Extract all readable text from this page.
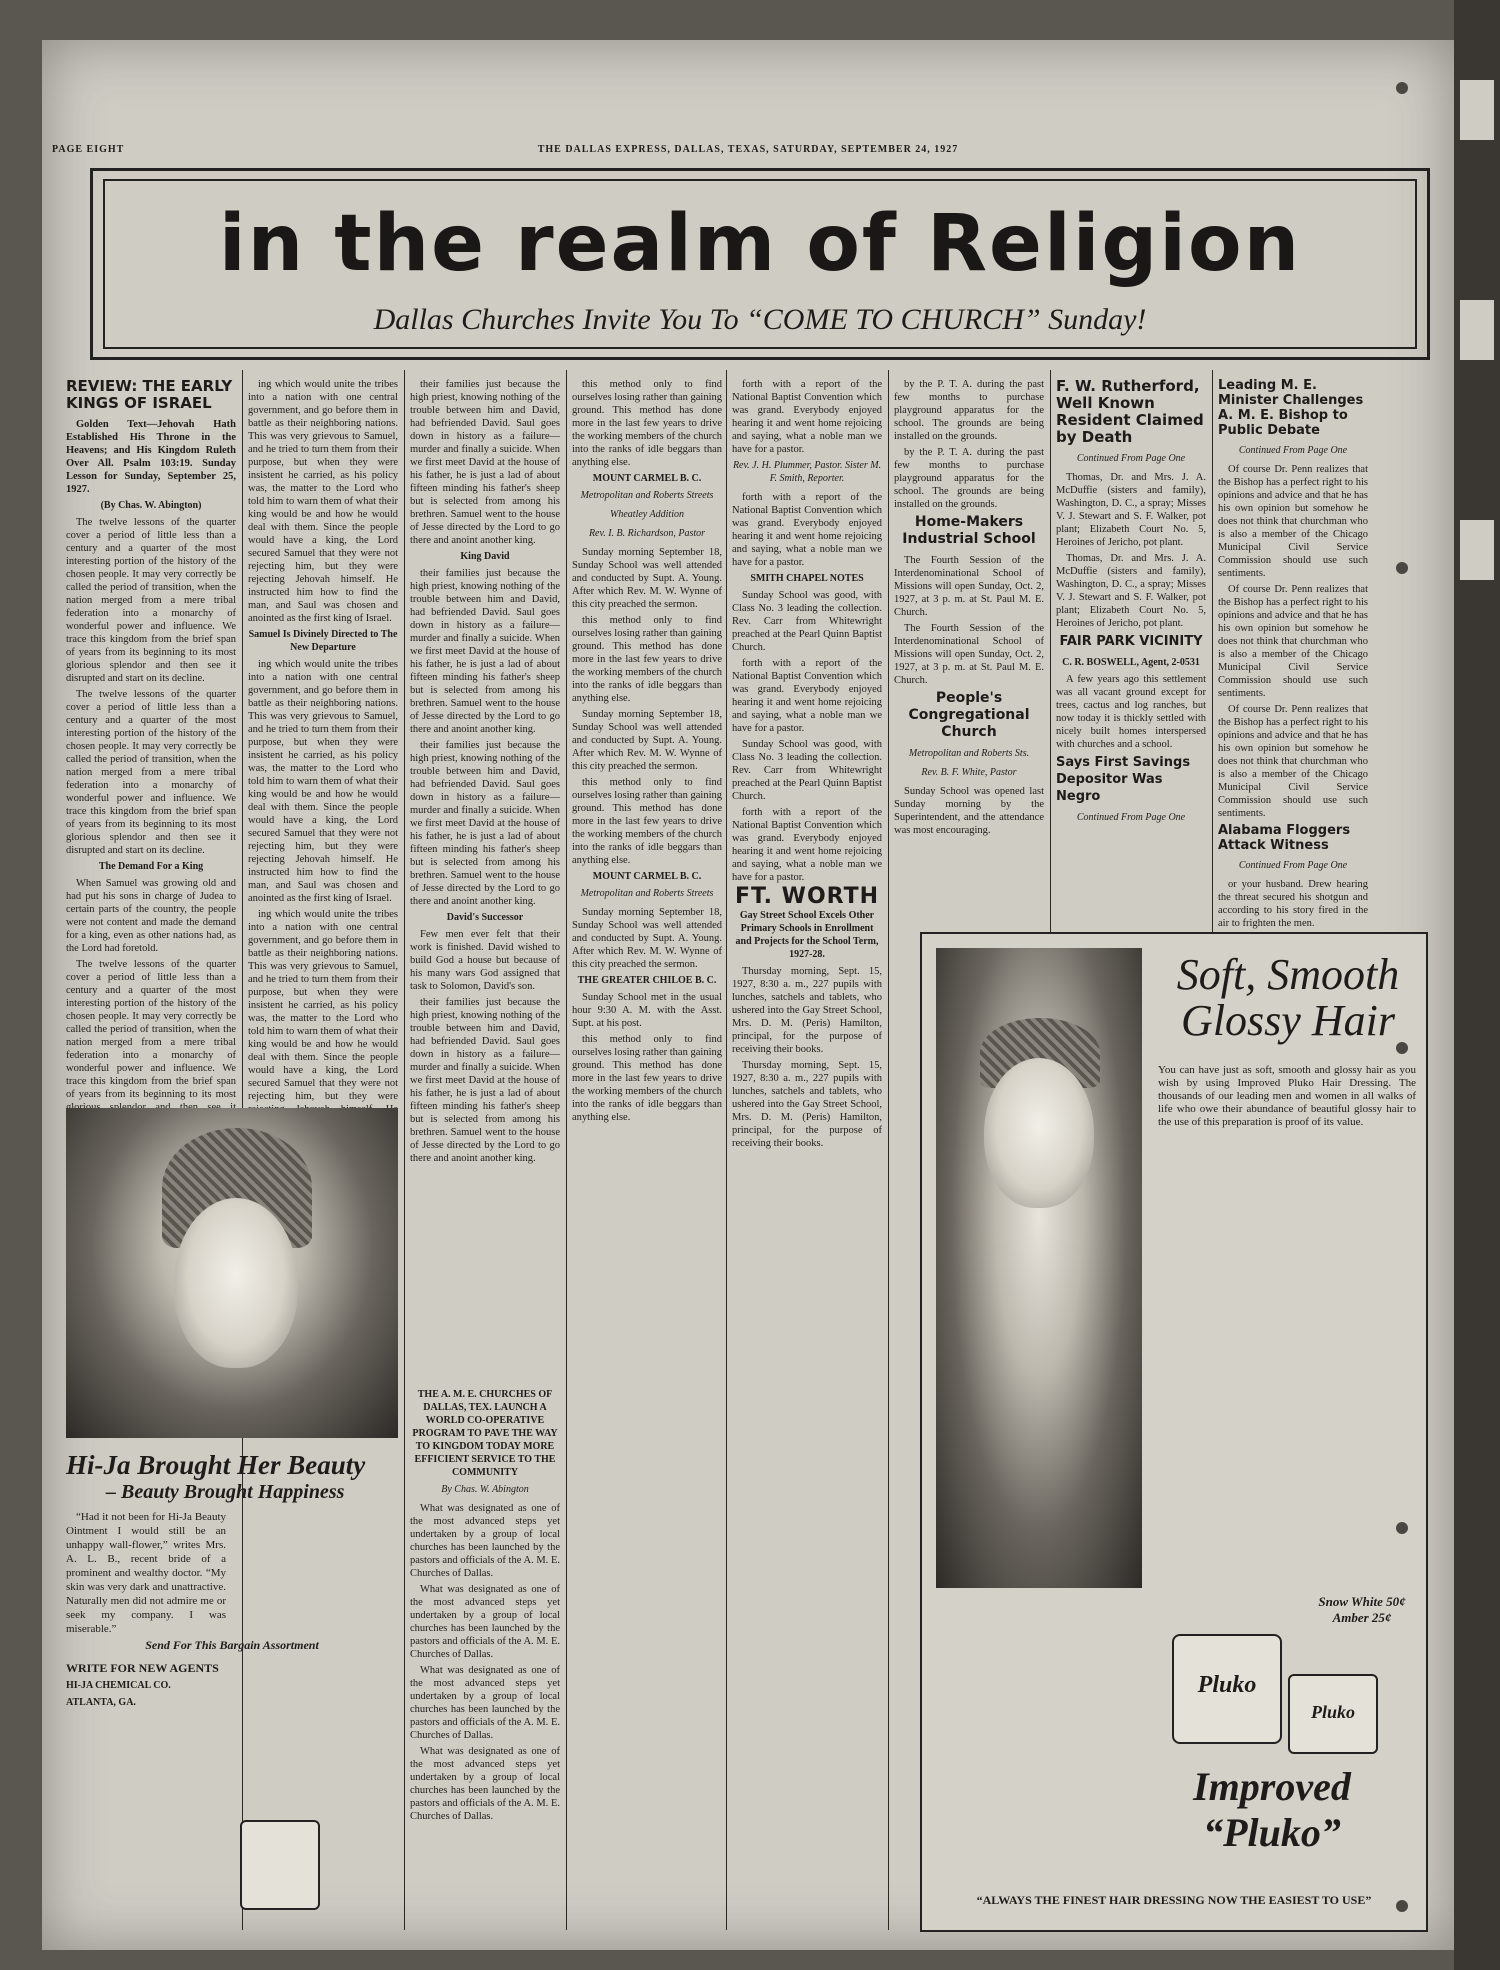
PAGE EIGHT	THE DALLAS EXPRESS, DALLAS, TEXAS, SATURDAY, SEPTEMBER 24, 1927
in the realm of Religion
Dallas Churches Invite You To “COME TO CHURCH” Sunday!
REVIEW: THE EARLY KINGS OF ISRAEL

Golden Text—Jehovah Hath Established His Throne in the Heavens; and His Kingdom Ruleth Over All. Psalm 103:19. Sunday Lesson for Sunday, September 25, 1927.

(By Chas. W. Abington)

The twelve lessons of the quarter cover a period of little less than a century and a quarter of the most interesting portion of the history of the chosen people. It may very correctly be called the period of transition, when the nation merged from a mere tribal federation into a monarchy of wonderful power and influence. We trace this kingdom from the brief span of years from its beginning to its most glorious splendor and then see it disrupted and start on its decline.

The twelve lessons of the quarter cover a period of little less than a century and a quarter of the most interesting portion of the history of the chosen people. It may very correctly be called the period of transition, when the nation merged from a mere tribal federation into a monarchy of wonderful power and influence. We trace this kingdom from the brief span of years from its beginning to its most glorious splendor and then see it disrupted and start on its decline.

The Demand For a King

When Samuel was growing old and had put his sons in charge of Judea to certain parts of the country, the people were not content and made the demand for a king, even as other nations had, as the Lord had foretold.

The twelve lessons of the quarter cover a period of little less than a century and a quarter of the most interesting portion of the history of the chosen people. It may very correctly be called the period of transition, when the nation merged from a mere tribal federation into a monarchy of wonderful power and influence. We trace this kingdom from the brief span of years from its beginning to its most

ing which would unite the tribes into a nation with one central government, and go before them in battle as their neighboring nations. This was very grievous to Samuel, and he tried to turn them from their purpose, but when they were insistent he carried, as his policy was, the matter to the Lord who told him to warn them of what their king would be and how he would deal with them. Since the people would have a king, the Lord secured Samuel that they were not rejecting him, but they were rejecting Jehovah himself. He instructed him how to find the man, and Saul was chosen and anointed as the first king of Israel.

Samuel Is Divinely Directed to The New Departure

ing which would unite the tribes into a nation with one central government, and go before them in battle as their neighboring nations. This was very grievous to Samuel, and he tried to turn them from their purpose, but when they were insistent he carried, as his policy was, the matter to the Lord who told him to warn them of what their king would be and how he would deal with them. Since the people would have a king, the Lord secured Samuel that they were not rejecting him, but they were rejecting Jehovah himself. He instructed him how to find the man, and Saul was chosen and anointed as the first king of Israel.

ing which would unite the tribes into a nation with one central government, and go before them in battle as their neighboring nations. This was very grievous to Samuel, and he tried to turn them from their purpose, but when they were insistent he carried, as his policy was, the matter to the Lord who told him to warn them of what their king would be and how he would deal with them. Since the people would have a king, the Lord secured Samuel that they were not rejecting him, but they were

their families just because the high priest, knowing nothing of the trouble between him and David, had befriended David. Saul goes down in history as a failure—murder and finally a suicide. When we first meet David at the house of his father, he is just a lad of about fifteen minding his father's sheep but is selected from among his brethren. Samuel went to the house of Jesse directed by the Lord to go there and anoint another king.

King David

their families just because the high priest, knowing nothing of the trouble between him and David, had befriended David. Saul goes down in history as a failure—murder and finally a suicide. When we first meet David at the house of his father, he is just a lad of about fifteen minding his father's sheep but is selected from among his brethren. Samuel went to the house of Jesse directed by the Lord to go there and anoint another king.

their families just because the high priest, knowing nothing of the trouble between him and David, had befriended David. Saul goes down in history as a failure—murder and finally a suicide. When we first meet David at the house of his father, he is just a lad of about fifteen minding his father's sheep but is selected from among his brethren. Samuel went to the house of Jesse directed by the Lord to go there and anoint another king.

David's Successor

Few men ever felt that their work is finished. David wished to build God a house but because of his many wars God assigned that task to Solomon, David's son.

their families just because the high priest, knowing nothing of the trouble between him and David, had befriended David. Saul goes down in history as a failure—murder and finally a suicide. When we first meet David at the house of his father, he is just a lad of about fifteen minding his father's sheep but is selected from among his brethren. Samuel went to the house of Jesse directed by the Lord to go there and anoint another king.

Hi-Ja Brought Her Beauty
– Beauty Brought Happiness

“Had it not been for Hi-Ja Beauty Ointment I would still be an unhappy wall-flower,” writes Mrs. A. L. B., recent bride of a prominent and wealthy doctor. “My skin was very dark and unattractive. Naturally men did not admire me or seek my company. I was miserable.”

Send For This Bargain Assortment
WRITE FOR NEW AGENTS
HI-JA CHEMICAL CO.
ATLANTA, GA.
THE A. M. E. CHURCHES OF DALLAS, TEX. LAUNCH A WORLD CO-OPERATIVE PROGRAM TO PAVE THE WAY TO KINGDOM TODAY MORE EFFICIENT SERVICE TO THE COMMUNITY
By Chas. W. Abington

What was designated as one of the most advanced steps yet undertaken by a group of local churches has been launched by the pastors and officials of the A. M. E. Churches of Dallas.

What was designated as one of the most advanced steps yet undertaken by a group of local churches has been launched by the pastors and officials of the A. M. E. Churches of Dallas.

What was designated as one of the most advanced steps yet undertaken by a group of local churches has been launched by the pastors and officials of the A. M. E. Churches of Dallas.

What was designated as one of the most advanced steps yet undertaken by a group of local churches has been launched by the pastors and officials of the A. M. E. Churches of Dallas.

this method only to find ourselves losing rather than gaining ground. This method has done more in the last few years to drive the working members of the church into the ranks of idle beggars than anything else.

MOUNT CARMEL B. C.
Metropolitan and Roberts Streets
Wheatley Addition
Rev. I. B. Richardson, Pastor

Sunday morning September 18, Sunday School was well attended and conducted by Supt. A. Young. After which Rev. M. W. Wynne of this city preached the sermon.

this method only to find ourselves losing rather than gaining ground. This method has done more in the last few years to drive the working members of the church into the ranks of idle beggars than anything else.

Sunday morning September 18, Sunday School was well attended and conducted by Supt. A. Young. After which Rev. M. W. Wynne of this city preached the sermon.

this method only to find ourselves losing rather than gaining ground. This method has done more in the last few years to drive the working members of the church into the ranks of idle beggars than anything else.

MOUNT CARMEL B. C.
Metropolitan and Roberts Streets

Sunday morning September 18, Sunday School was well attended and conducted by Supt. A. Young. After which Rev. M. W. Wynne of this city preached the sermon.

THE GREATER CHILOE B. C.

Sunday School met in the usual hour 9:30 A. M. with the Asst. Supt. at his post.

this method only to find ourselves losing rather than gaining ground. This method has done more in the last few years to drive the working members of the church into the ranks of idle beggars than anything else.

forth with a report of the National Baptist Convention which was grand. Everybody enjoyed hearing it and went home rejoicing and saying, what a noble man we have for a pastor.

Rev. J. H. Plummer, Pastor. Sister M. F. Smith, Reporter.

forth with a report of the National Baptist Convention which was grand. Everybody enjoyed hearing it and went home rejoicing and saying, what a noble man we have for a pastor.

SMITH CHAPEL NOTES

Sunday School was good, with Class No. 3 leading the collection. Rev. Carr from Whitewright preached at the Pearl Quinn Baptist Church.

forth with a report of the National Baptist Convention which was grand. Everybody enjoyed hearing it and went home rejoicing and saying, what a noble man we have for a pastor.

Sunday School was good, with Class No. 3 leading the collection. Rev. Carr from Whitewright preached at the Pearl Quinn Baptist Church.

forth with a report of the National Baptist Convention which was grand. Everybody enjoyed hearing it and went home rejoicing and saying, what a noble man we have for a pastor.

FT. WORTH
Gay Street School Excels Other Primary Schools in Enrollment and Projects for the School Term, 1927-28.

Thursday morning, Sept. 15, 1927, 8:30 a. m., 227 pupils with lunches, satchels and tablets, who ushered into the Gay Street School, Mrs. D. M. (Peris) Hamilton, principal, for the purpose of receiving their books.

Thursday morning, Sept. 15, 1927, 8:30 a. m., 227 pupils with lunches, satchels and tablets, who ushered into the Gay Street School, Mrs. D. M. (Peris) Hamilton, principal, for the purpose of receiving their books.

by the P. T. A. during the past few months to purchase playground apparatus for the school. The grounds are being installed on the grounds.

by the P. T. A. during the past few months to purchase playground apparatus for the school. The grounds are being installed on the grounds.

Home-Makers Industrial School

The Fourth Session of the Interdenominational School of Missions will open Sunday, Oct. 2, 1927, at 3 p. m. at St. Paul M. E. Church.

The Fourth Session of the Interdenominational School of Missions will open Sunday, Oct. 2, 1927, at 3 p. m. at St. Paul M. E. Church.

People's Congregational Church
Metropolitan and Roberts Sts.
Rev. B. F. White, Pastor

Sunday School was opened last Sunday morning by the Superintendent, and the attendance was most encouraging.

F. W. Rutherford, Well Known Resident Claimed by Death
Continued From Page One

Thomas, Dr. and Mrs. J. A. McDuffie (sisters and family), Washington, D. C., a spray; Misses V. J. Stewart and S. F. Walker, pot plant; Elizabeth Court No. 5, Heroines of Jericho, pot plant.

Thomas, Dr. and Mrs. J. A. McDuffie (sisters and family), Washington, D. C., a spray; Misses V. J. Stewart and S. F. Walker, pot plant; Elizabeth Court No. 5, Heroines of Jericho, pot plant.

FAIR PARK VICINITY
C. R. BOSWELL, Agent, 2-0531

A few years ago this settlement was all vacant ground except for trees, cactus and log ranches, but now today it is thickly settled with nicely built homes interspersed with churches and a school.

Says First Savings Depositor Was Negro
Continued From Page One
Leading M. E. Minister Challenges A. M. E. Bishop to Public Debate
Continued From Page One

Of course Dr. Penn realizes that the Bishop has a perfect right to his opinions and advice and that he has his own opinion but somehow he does not think that churchman who is also a member of the Chicago Municipal Civil Service Commission should use such sentiments.

Of course Dr. Penn realizes that the Bishop has a perfect right to his opinions and advice and that he has his own opinion but somehow he does not think that churchman who is also a member of the Chicago Municipal Civil Service Commission should use such sentiments.

Of course Dr. Penn realizes that the Bishop has a perfect right to his opinions and advice and that he has his own opinion but somehow he does not think that churchman who is also a member of the Chicago Municipal Civil Service Commission should use such sentiments.

Alabama Floggers Attack Witness
Continued From Page One

or your husband. Drew hearing the threat secured his shotgun and according to his story fired in the air to frighten the men.

Soft, Smooth Glossy Hair
You can have just as soft, smooth and glossy hair as you wish by using Improved Pluko Hair Dressing. The thousands of our leading men and women in all walks of life who owe their abundance of beautiful glossy hair to the use of this preparation is proof of its value.
Pluko
Pluko
Snow White 50¢ Amber 25¢
Improved “Pluko”
“ALWAYS THE FINEST HAIR DRESSING NOW THE EASIEST TO USE”
